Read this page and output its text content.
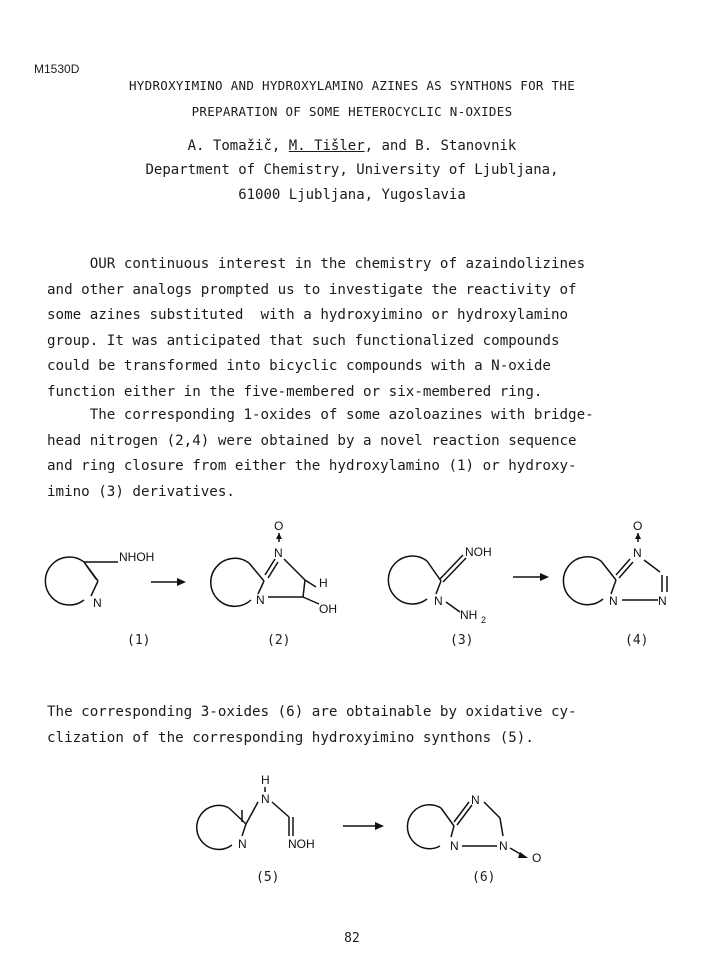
M1530D
HYDROXYIMINO AND HYDROXYLAMINO AZINES AS SYNTHONS FOR THE
PREPARATION OF SOME HETEROCYCLIC N-OXIDES
A. Tomažič, M. Tišler, and B. Stanovnik
Department of Chemistry, University of Ljubljana,
61000 Ljubljana, Yugoslavia

OUR continuous interest in the chemistry of azaindolizines

and other analogs prompted us to investigate the reactivity of

some azines substituted  with a hydroxyimino or hydroxylamino

group. It was anticipated that such functionalized compounds

could be transformed into bicyclic compounds with a N-oxide

function either in the five-membered or six-membered ring.

The corresponding 1-oxides of some azoloazines with bridge-

head nitrogen (2,4) were obtained by a novel reaction sequence

and ring closure from either the hydroxylamino (1) or hydroxy-

imino (3) derivatives.

NHOH
N
O
N
H
OH
N
NOH
N
NH 2
O
N
N	N
(1)	(2)	(3)	(4)

The corresponding 3-oxides (6) are obtainable by oxidative cy-

clization of the corresponding hydroxyimino synthons (5).

H
N
N	NOH
N
N	N
O
(5)	(6)
82
